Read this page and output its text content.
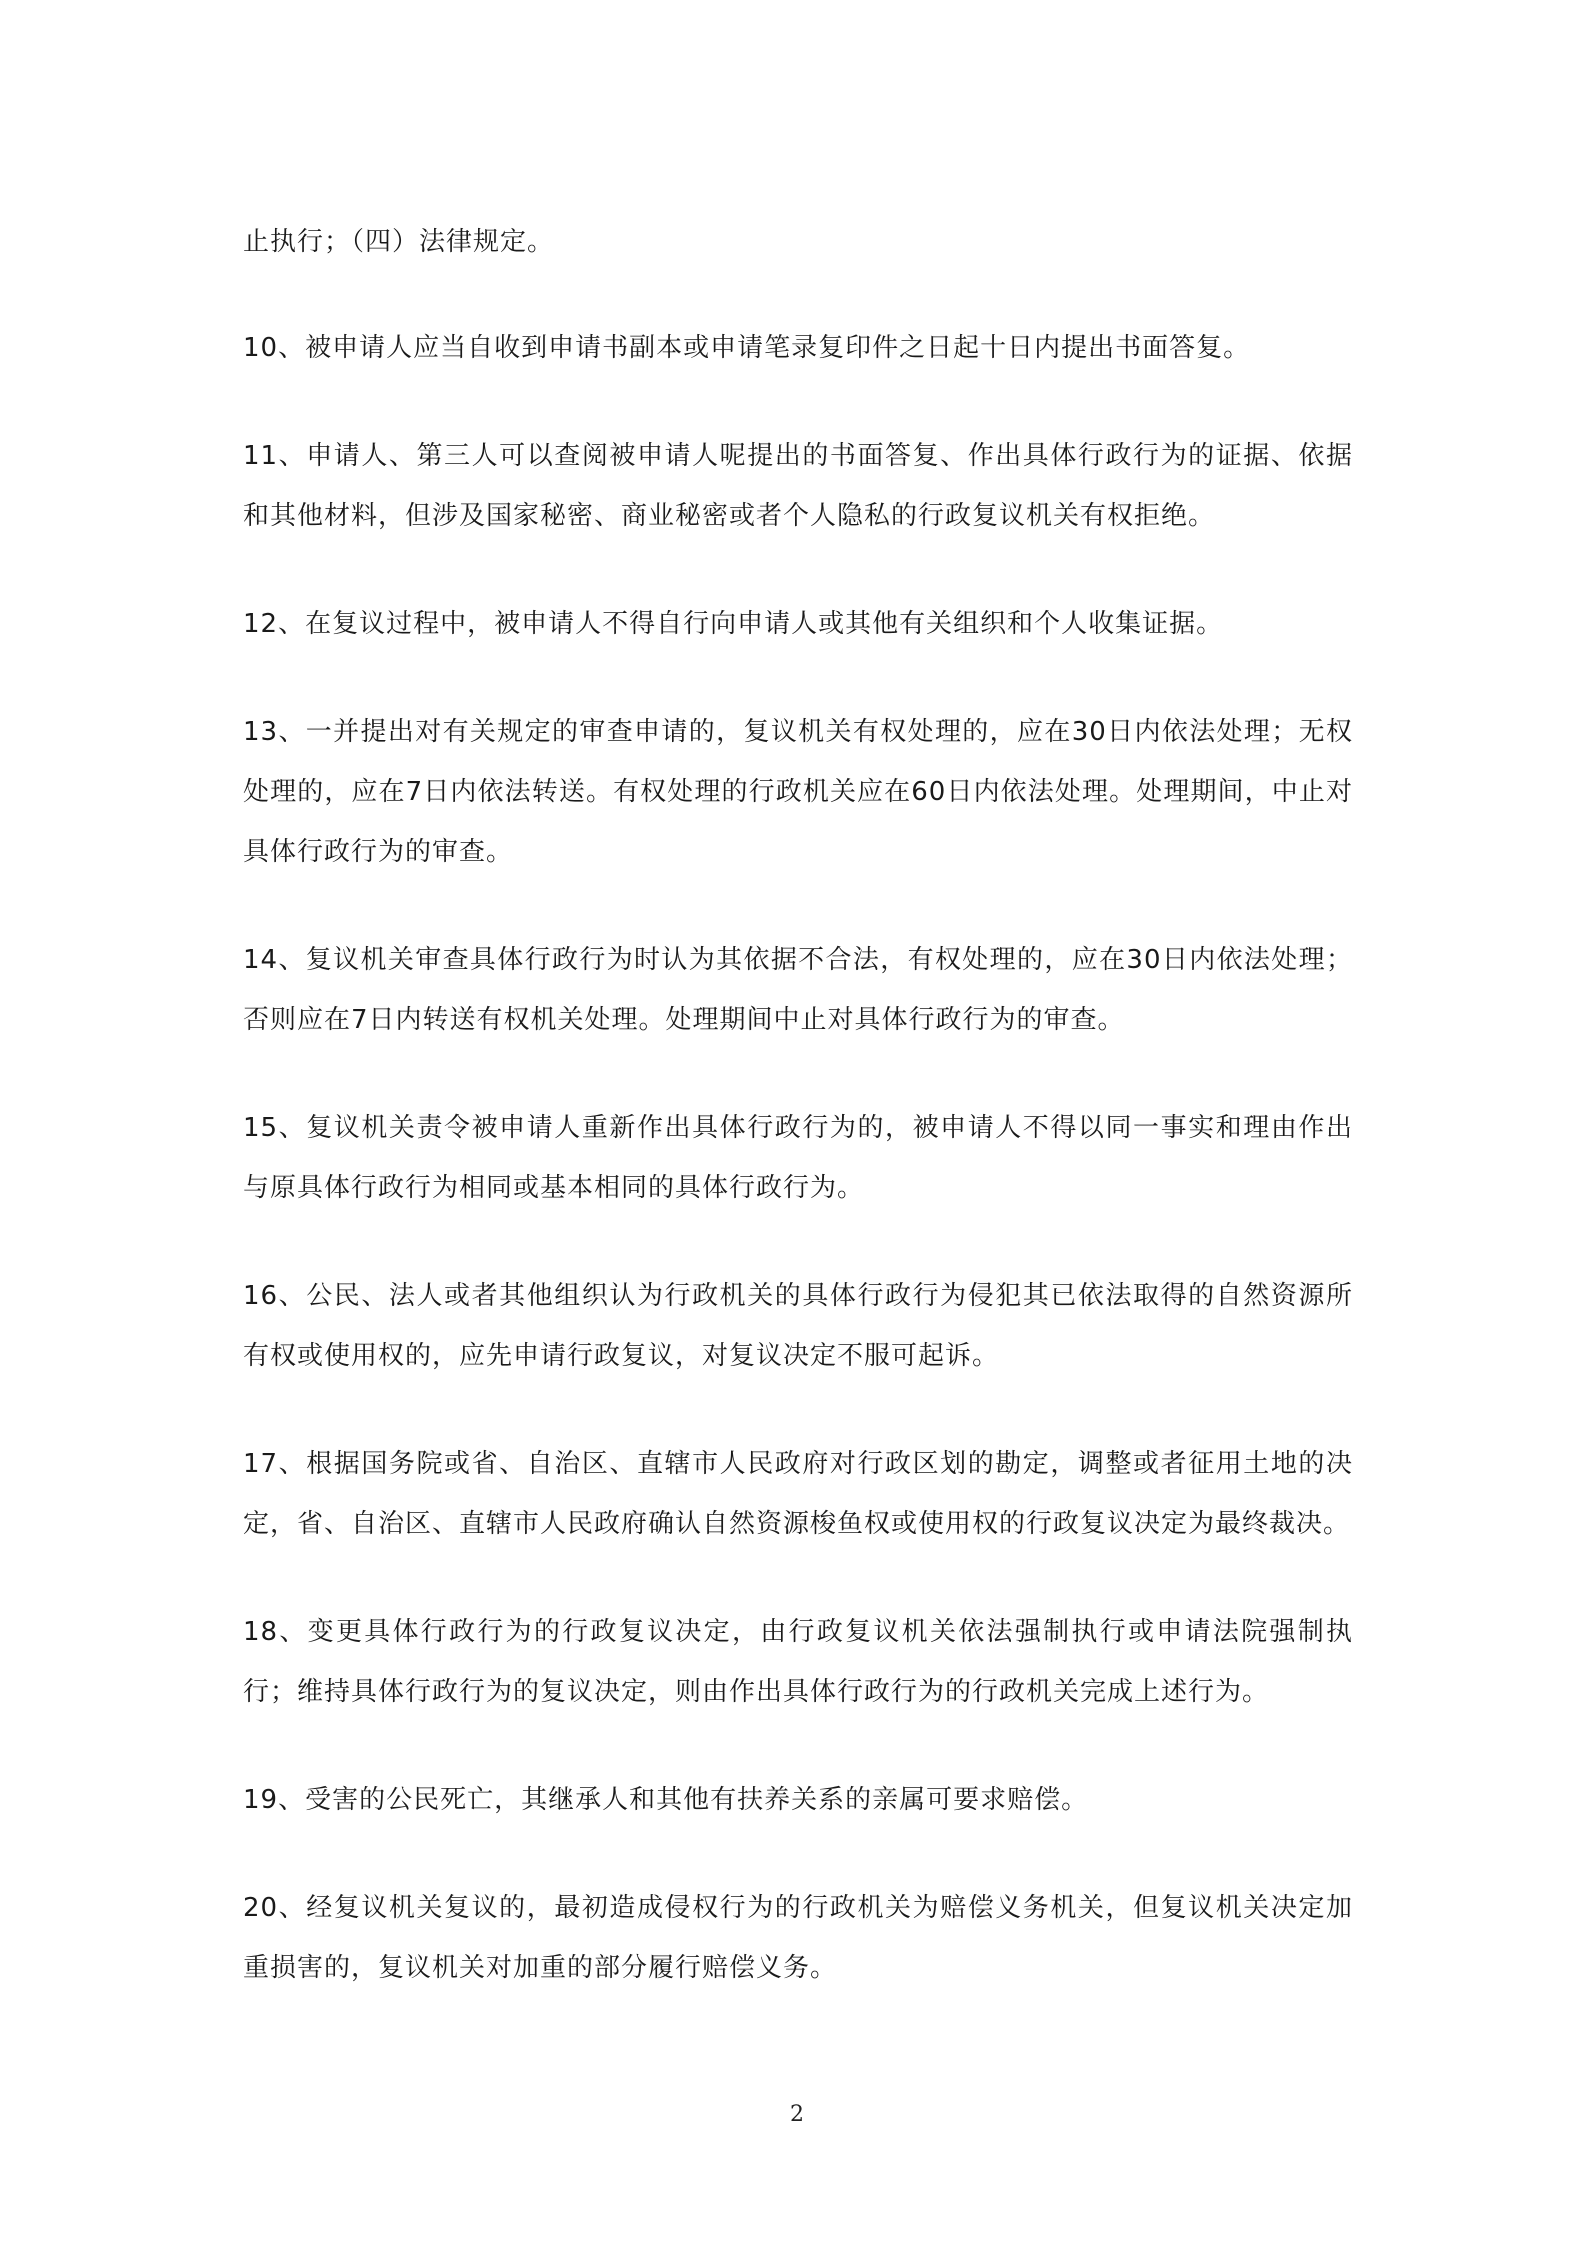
止执行；（四）法律规定。

10、被申请人应当自收到申请书副本或申请笔录复印件之日起十日内提出书面答复。

11、申请人、第三人可以查阅被申请人呢提出的书面答复、作出具体行政行为的证据、依据和其他材料，但涉及国家秘密、商业秘密或者个人隐私的行政复议机关有权拒绝。

12、在复议过程中，被申请人不得自行向申请人或其他有关组织和个人收集证据。

13、一并提出对有关规定的审查申请的，复议机关有权处理的，应在30日内依法处理；无权处理的，应在7日内依法转送。有权处理的行政机关应在60日内依法处理。处理期间，中止对具体行政行为的审查。

14、复议机关审查具体行政行为时认为其依据不合法，有权处理的，应在30日内依法处理；否则应在7日内转送有权机关处理。处理期间中止对具体行政行为的审查。

15、复议机关责令被申请人重新作出具体行政行为的，被申请人不得以同一事实和理由作出与原具体行政行为相同或基本相同的具体行政行为。

16、公民、法人或者其他组织认为行政机关的具体行政行为侵犯其已依法取得的自然资源所有权或使用权的，应先申请行政复议，对复议决定不服可起诉。

17、根据国务院或省、自治区、直辖市人民政府对行政区划的勘定，调整或者征用土地的决定，省、自治区、直辖市人民政府确认自然资源梭鱼权或使用权的行政复议决定为最终裁决。

18、变更具体行政行为的行政复议决定，由行政复议机关依法强制执行或申请法院强制执行；维持具体行政行为的复议决定，则由作出具体行政行为的行政机关完成上述行为。

19、受害的公民死亡，其继承人和其他有扶养关系的亲属可要求赔偿。

20、经复议机关复议的，最初造成侵权行为的行政机关为赔偿义务机关，但复议机关决定加重损害的，复议机关对加重的部分履行赔偿义务。

2
